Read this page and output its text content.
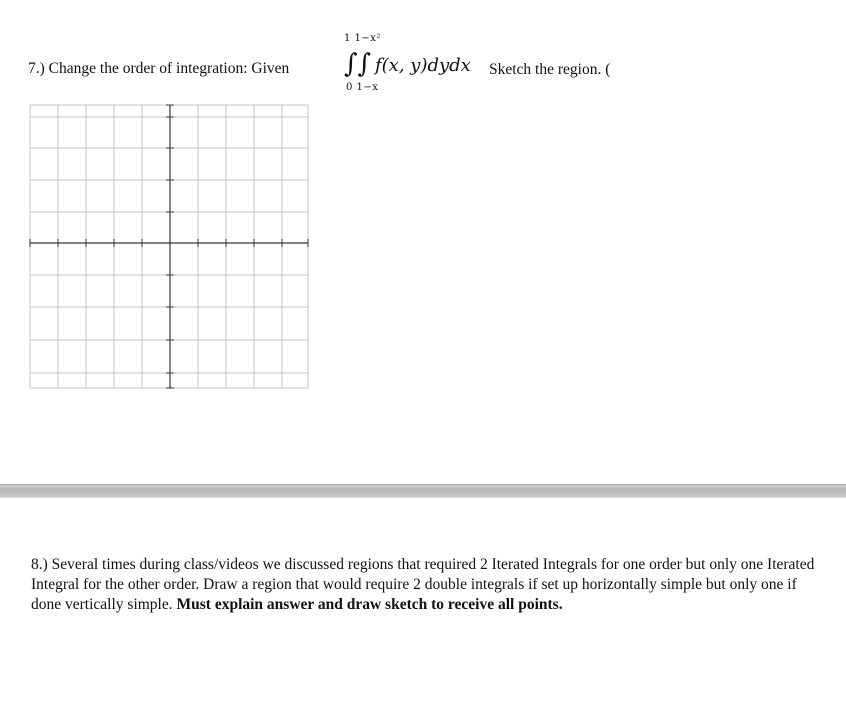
7.) Change the order of integration: Given
1 1−x²
∫∫ f(x, y)dydx
0 1−x
Sketch the region. (
8.) Several times during class/videos we discussed regions that required 2 Iterated Integrals for one order but only one Iterated Integral for the other order. Draw a region that would require 2 double integrals if set up horizontally simple but only one if done vertically simple. Must explain answer and draw sketch to receive all points.
